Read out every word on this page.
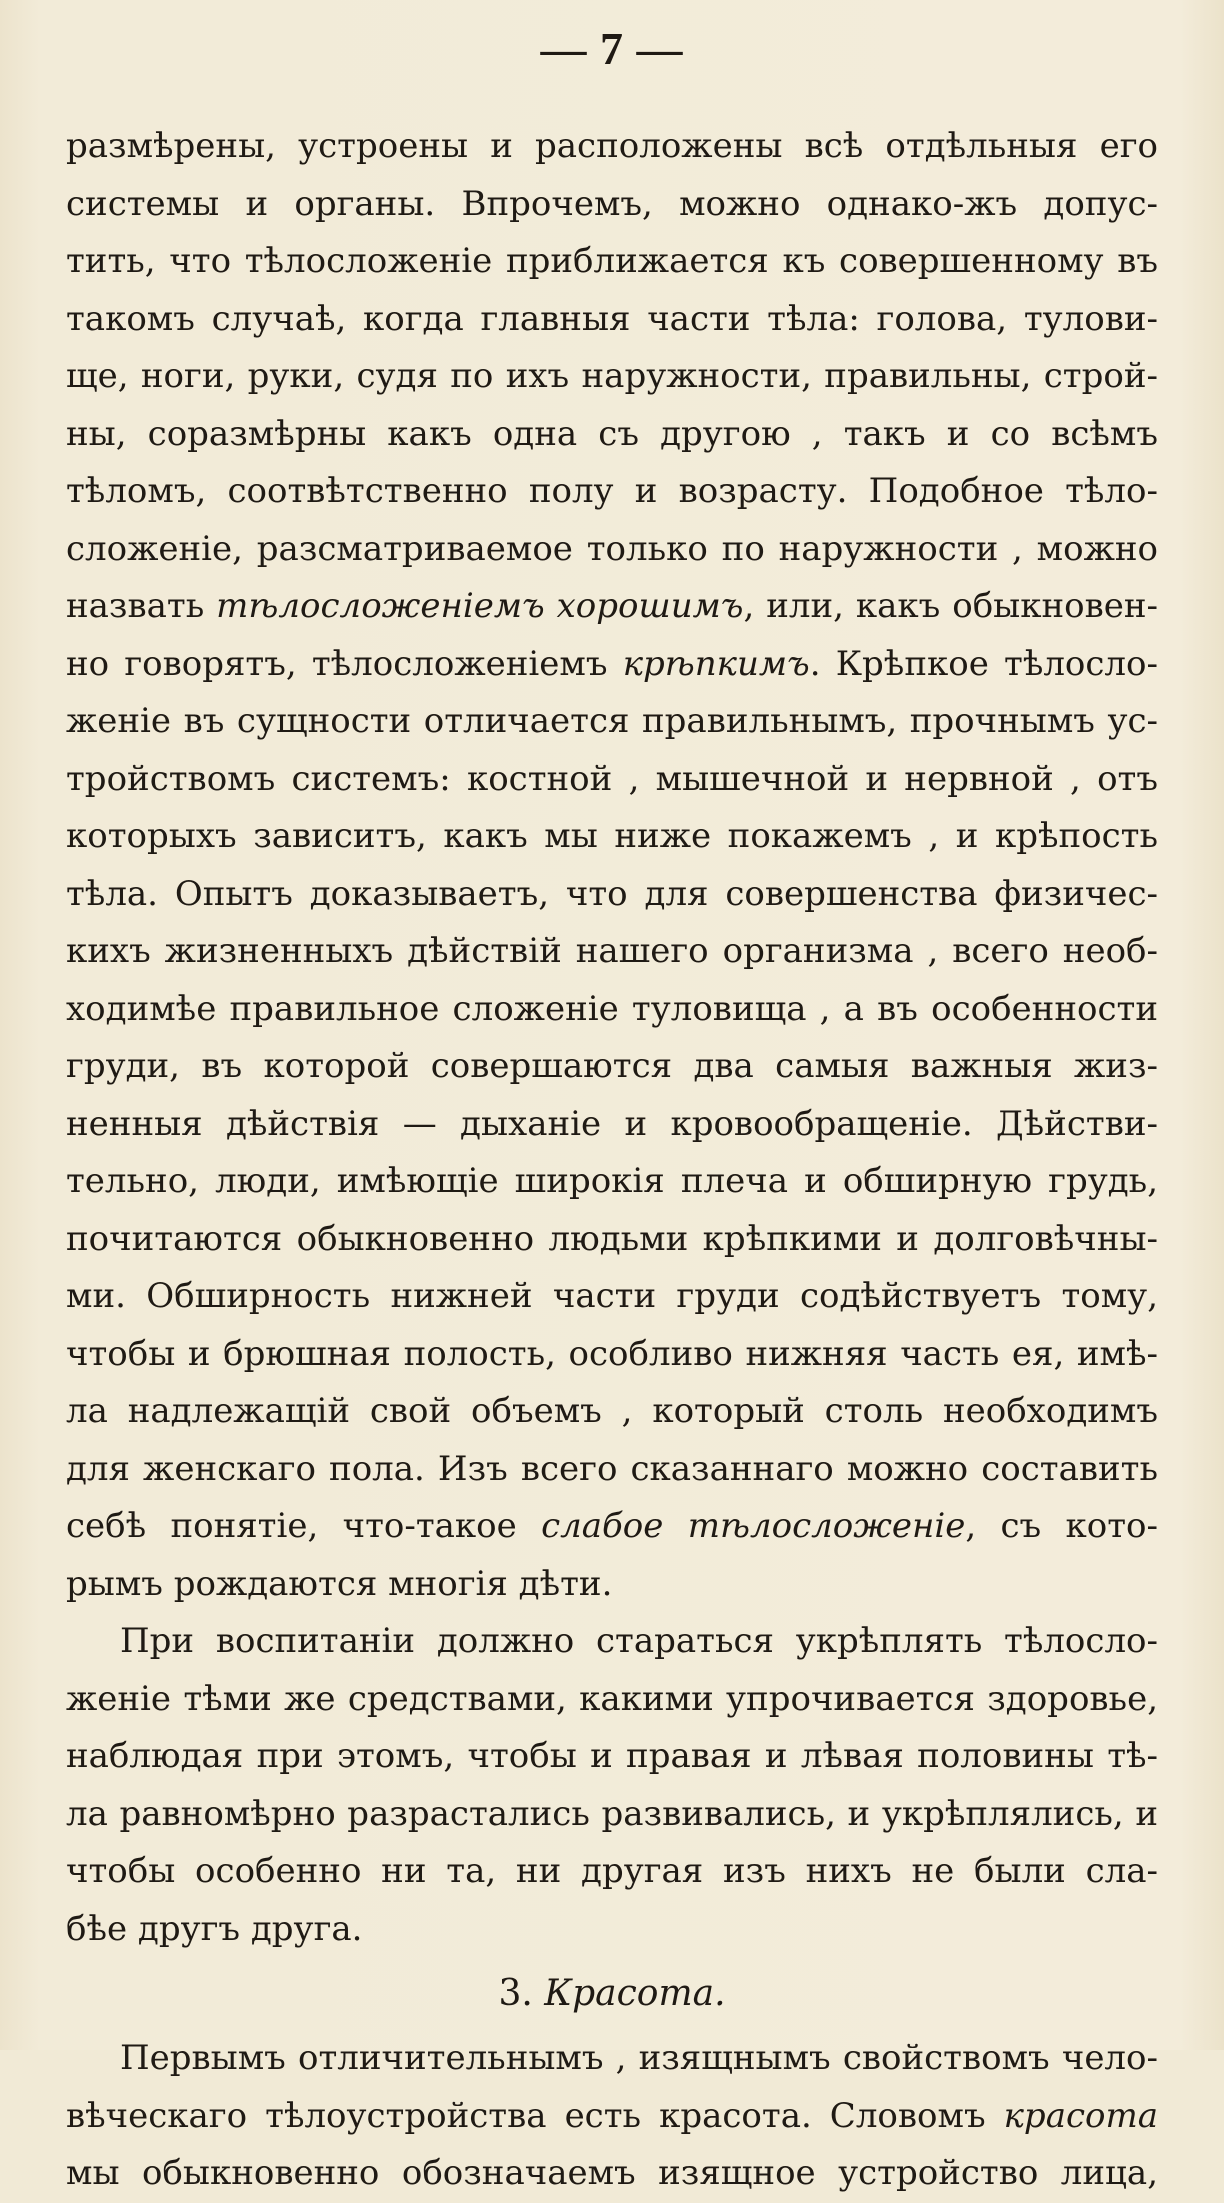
— 7 —
размѣрены, устроены и расположены всѣ отдѣльныя его
системы и органы. Впрочемъ, можно однако-жъ допус-
тить, что тѣлосложеніе приближается къ совершенному въ
такомъ случаѣ, когда главныя части тѣла: голова, тулови-
ще, ноги, руки, судя по ихъ наружности, правильны, строй-
ны, соразмѣрны какъ одна съ другою , такъ и со всѣмъ
тѣломъ, соотвѣтственно полу и возрасту. Подобное тѣло-
сложеніе, разсматриваемое только по наружности , можно
назвать тѣлосложеніемъ хорошимъ, или, какъ обыкновен-
но говорятъ, тѣлосложеніемъ крѣпкимъ. Крѣпкое тѣлосло-
женіе въ сущности отличается правильнымъ, прочнымъ ус-
тройствомъ системъ: костной , мышечной и нервной , отъ
которыхъ зависитъ, какъ мы ниже покажемъ , и крѣпость
тѣла. Опытъ доказываетъ, что для совершенства физичес-
кихъ жизненныхъ дѣйствій нашего организма , всего необ-
ходимѣе правильное сложеніе туловища , а въ особенности
груди, въ которой совершаются два самыя важныя жиз-
ненныя дѣйствія — дыханіе и кровообращеніе. Дѣйстви-
тельно, люди, имѣющіе широкія плеча и обширную грудь,
почитаются обыкновенно людьми крѣпкими и долговѣчны-
ми. Обширность нижней части груди содѣйствуетъ тому,
чтобы и брюшная полость, особливо нижняя часть ея, имѣ-
ла надлежащій свой объемъ , который столь необходимъ
для женскаго пола. Изъ всего сказаннаго можно составить
себѣ понятіе, что-такое слабое тѣлосложеніе, съ кото-
рымъ рождаются многія дѣти.
При воспитаніи должно стараться укрѣплять тѣлосло-
женіе тѣми же средствами, какими упрочивается здоровье,
наблюдая при этомъ, чтобы и правая и лѣвая половины тѣ-
ла равномѣрно разрастались развивались, и укрѣплялись, и
чтобы особенно ни та, ни другая изъ нихъ не были сла-
бѣе другъ друга.
3. Красота.
Первымъ отличительнымъ , изящнымъ свойствомъ чело-
вѣческаго тѣлоустройства есть красота. Словомъ красота
мы обыкновенно обозначаемъ изящное устройство лица,
